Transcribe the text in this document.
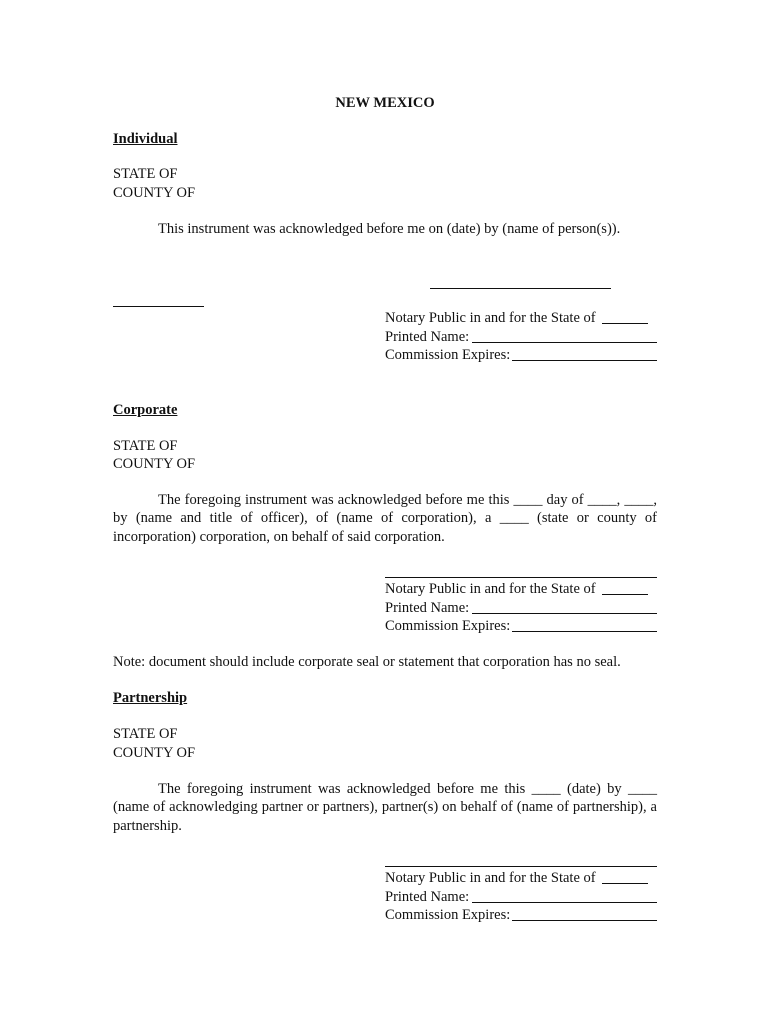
NEW MEXICO
Individual
STATE OF
COUNTY OF
This instrument was acknowledged before me on (date) by (name of person(s)).
Notary Public in and for the State of
Printed Name:
Commission Expires:
Corporate
STATE OF
COUNTY OF
The foregoing instrument was acknowledged before me this ____ day of ____, ____, by (name and title of officer), of (name of corporation), a ____ (state or county of incorporation) corporation, on behalf of said corporation.
Notary Public in and for the State of
Printed Name:
Commission Expires:
Note: document should include corporate seal or statement that corporation has no seal.
Partnership
STATE OF
COUNTY OF
The foregoing instrument was acknowledged before me this ____ (date) by ____ (name of acknowledging partner or partners), partner(s) on behalf of (name of partnership), a partnership.
Notary Public in and for the State of
Printed Name:
Commission Expires:
